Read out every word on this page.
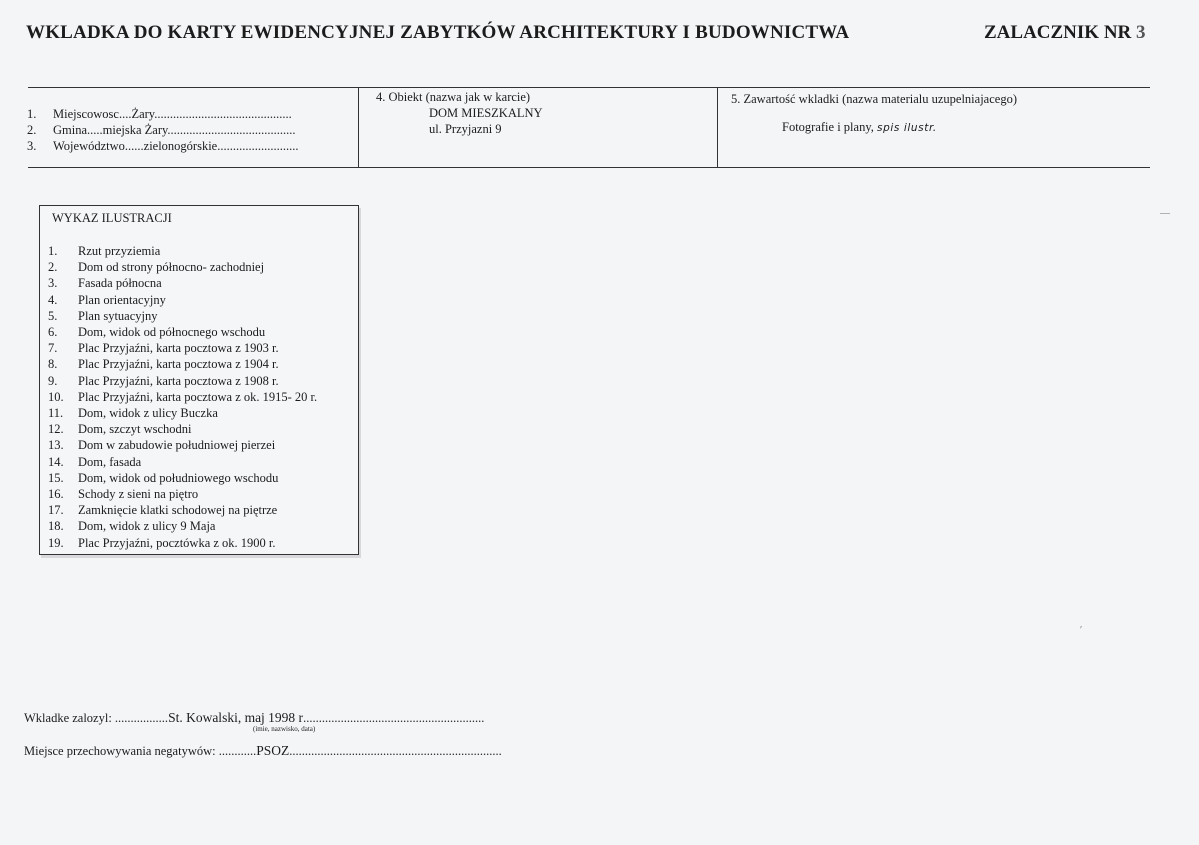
WKLADKA DO KARTY EWIDENCYJNEJ ZABYTKÓW ARCHITEKTURY I BUDOWNICTWA	ZALACZNIK NR 3
1. Miejscowosc....Żary............................................
2. Gmina.....miejska Żary.........................................
3. Województwo......zielonogórskie..........................
4. Obiekt (nazwa jak w karcie)
DOM MIESZKALNY
ul. Przyjazni 9
5. Zawartość wkladki (nazwa materialu uzupelniajacego)
Fotografie i plany, spis ilustr.
WYKAZ ILUSTRACJI
1. Rzut przyziemia
2. Dom od strony północno- zachodniej
3. Fasada północna
4. Plan orientacyjny
5. Plan sytuacyjny
6. Dom, widok od północnego wschodu
7. Plac Przyjaźni, karta pocztowa z 1903 r.
8. Plac Przyjaźni, karta pocztowa z 1904 r.
9. Plac Przyjaźni, karta pocztowa z 1908 r.
10. Plac Przyjaźni, karta pocztowa z ok. 1915- 20 r.
11. Dom, widok z ulicy Buczka
12. Dom, szczyt wschodni
13. Dom w zabudowie południowej pierzei
14. Dom, fasada
15. Dom, widok od południowego wschodu
16. Schody z sieni na piętro
17. Zamknięcie klatki schodowej na piętrze
18. Dom, widok z ulicy 9 Maja
19. Plac Przyjaźni, pocztówka z ok. 1900 r.
Wkladke zalozyl: .................St. Kowalski, maj 1998 r..........................................................
(imie, nazwisko, data)
Miejsce przechowywania negatywów: ............PSOZ....................................................................
—
′
